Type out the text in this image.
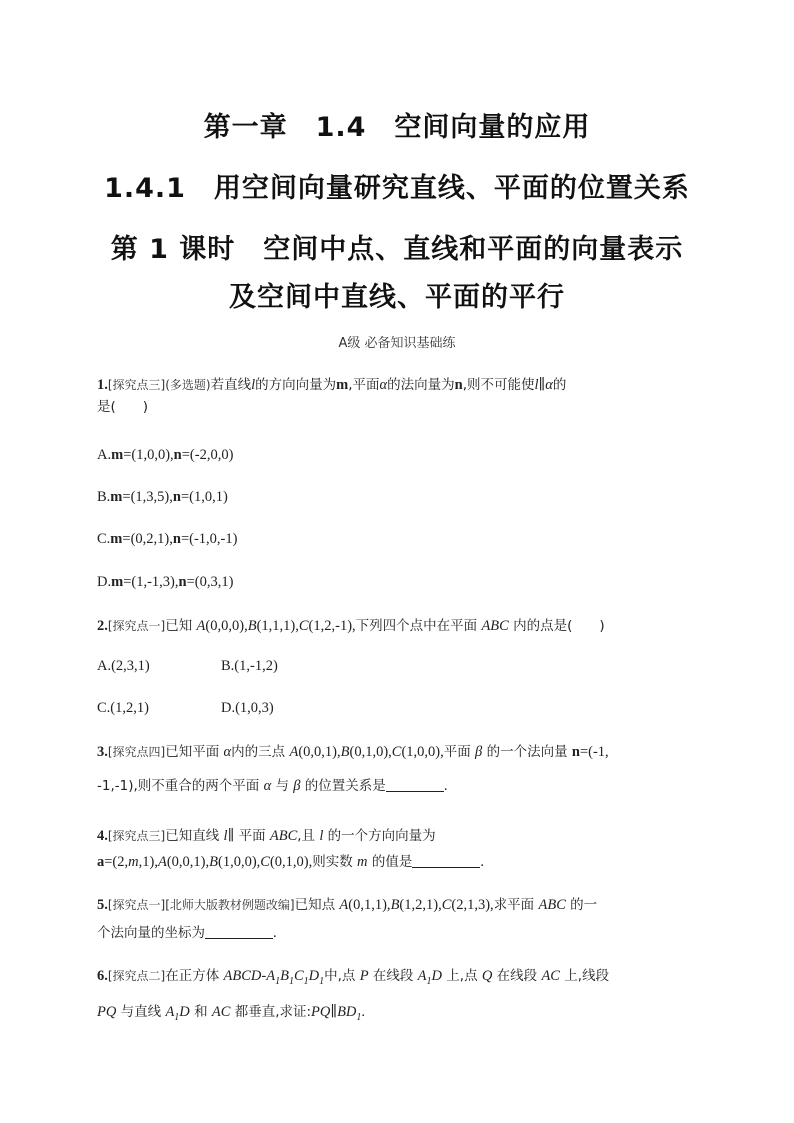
第一章　1.4　空间向量的应用
1.4.1　用空间向量研究直线、平面的位置关系
第 1 课时　空间中点、直线和平面的向量表示
及空间中直线、平面的平行
A级 必备知识基础练
1.[探究点三](多选题)若直线l的方向向量为m,平面α的法向量为n,则不可能使l∥α的
是(　　)
A.m=(1,0,0),n=(-2,0,0)
B.m=(1,3,5),n=(1,0,1)
C.m=(0,2,1),n=(-1,0,-1)
D.m=(1,-1,3),n=(0,3,1)
2.[探究点一]已知 A(0,0,0),B(1,1,1),C(1,2,-1),下列四个点中在平面 ABC 内的点是(　　)
A.(2,3,1)	B.(1,-1,2)
C.(1,2,1)	D.(1,0,3)
3.[探究点四]已知平面 α内的三点 A(0,0,1),B(0,1,0),C(1,0,0),平面 β 的一个法向量 n=(-1,
-1,-1),则不重合的两个平面 α 与 β 的位置关系是	.
4.[探究点三]已知直线 l∥ 平面 ABC,且 l 的一个方向向量为
a=(2,m,1),A(0,0,1),B(1,0,0),C(0,1,0),则实数 m 的值是	.
5.[探究点一][北师大版教材例题改编]已知点 A(0,1,1),B(1,2,1),C(2,1,3),求平面 ABC 的一
个法向量的坐标为	.
6.[探究点二]在正方体 ABCD-$A_1B_1C_1D_1$中,点 P 在线段 $A_1D$ 上,点 Q 在线段 AC 上,线段
PQ 与直线 $A_1D$ 和 AC 都垂直,求证$:PQ\parallel BD_1$.
